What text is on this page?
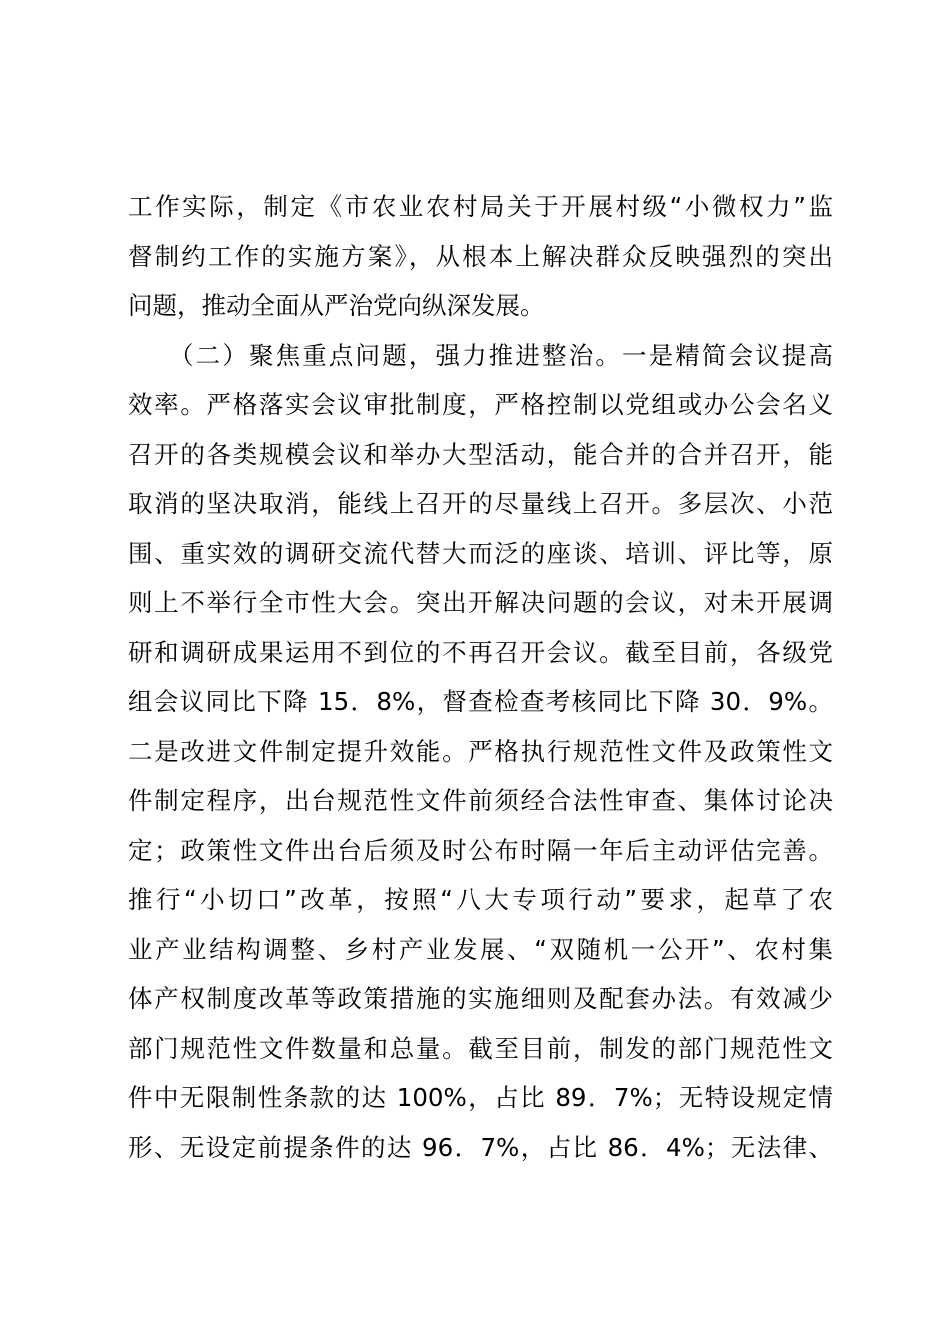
工作实际，制定《市农业农村局关于开展村级“小微权力”监
督制约工作的实施方案》，从根本上解决群众反映强烈的突出
问题，推动全面从严治党向纵深发展。
　　（二）聚焦重点问题，强力推进整治。一是精简会议提高
效率。严格落实会议审批制度，严格控制以党组或办公会名义
召开的各类规模会议和举办大型活动，能合并的合并召开，能
取消的坚决取消，能线上召开的尽量线上召开。多层次、小范
围、重实效的调研交流代替大而泛的座谈、培训、评比等，原
则上不举行全市性大会。突出开解决问题的会议，对未开展调
研和调研成果运用不到位的不再召开会议。截至目前，各级党
组会议同比下降 15．8%，督查检查考核同比下降 30．9%。
二是改进文件制定提升效能。严格执行规范性文件及政策性文
件制定程序，出台规范性文件前须经合法性审查、集体讨论决
定；政策性文件出台后须及时公布时隔一年后主动评估完善。
推行“小切口”改革，按照“八大专项行动”要求，起草了农
业产业结构调整、乡村产业发展、“双随机一公开”、农村集
体产权制度改革等政策措施的实施细则及配套办法。有效减少
部门规范性文件数量和总量。截至目前，制发的部门规范性文
件中无限制性条款的达 100%，占比 89．7%；无特设规定情
形、无设定前提条件的达 96．7%，占比 86．4%；无法律、
